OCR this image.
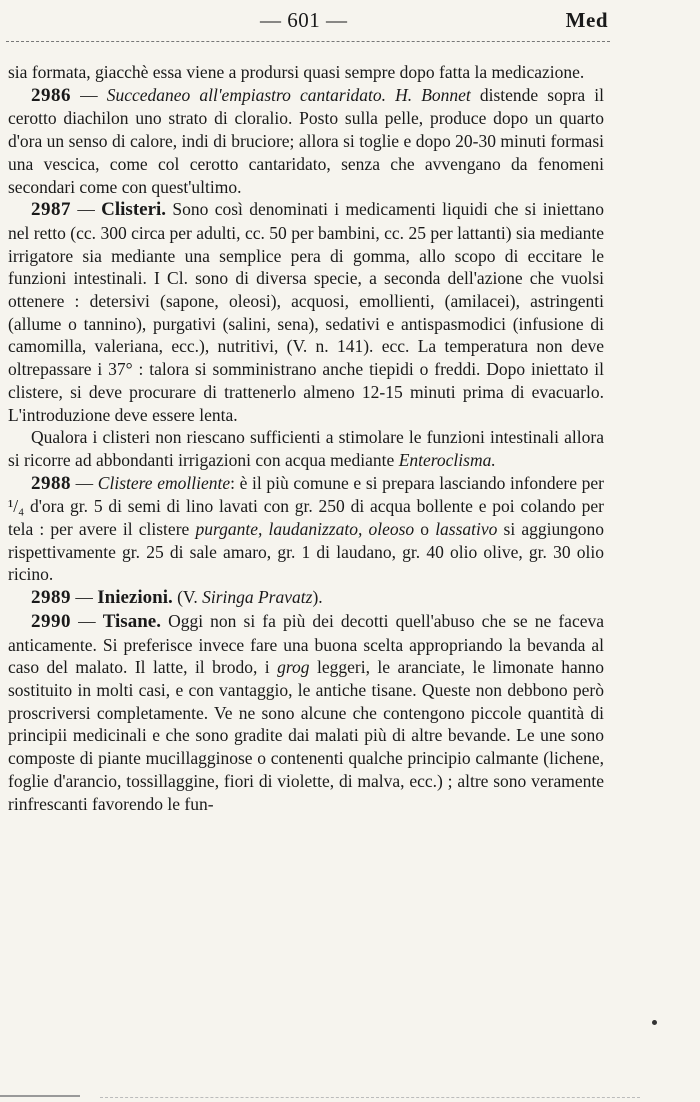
— 601 —	Med

sia formata, giacchè essa viene a prodursi quasi sempre dopo fatta la medicazione.

2986 — Succedaneo all'empiastro cantaridato. H. Bonnet distende sopra il cerotto diachilon uno strato di cloralio. Posto sulla pelle, produce dopo un quarto d'ora un senso di calore, indi di bruciore; allora si toglie e dopo 20-30 minuti formasi una vescica, come col cerotto cantaridato, senza che avvengano da fenomeni secondari come con quest'ultimo.

2987 — Clisteri. Sono così denominati i medicamenti liquidi che si iniettano nel retto (cc. 300 circa per adulti, cc. 50 per bambini, cc. 25 per lattanti) sia mediante irrigatore sia mediante una semplice pera di gomma, allo scopo di eccitare le funzioni intestinali. I Cl. sono di diversa specie, a seconda dell'azione che vuolsi ottenere : detersivi (sapone, oleosi), acquosi, emollienti, (amilacei), astringenti (allume o tannino), purgativi (salini, sena), sedativi e antispasmodici (infusione di camomilla, valeriana, ecc.), nutritivi, (V. n. 141). ecc. La temperatura non deve oltrepassare i 37° : talora si somministrano anche tiepidi o freddi. Dopo iniettato il clistere, si deve procurare di trattenerlo almeno 12-15 minuti prima di evacuarlo. L'introduzione deve essere lenta.

Qualora i clisteri non riescano sufficienti a stimolare le funzioni intestinali allora si ricorre ad abbondanti irrigazioni con acqua mediante Enteroclisma.

2988 — Clistere emolliente: è il più comune e si prepara lasciando infondere per ¹/₄ d'ora gr. 5 di semi di lino lavati con gr. 250 di acqua bollente e poi colando per tela : per avere il clistere purgante, laudanizzato, oleoso o lassativo si aggiungono rispettivamente gr. 25 di sale amaro, gr. 1 di laudano, gr. 40 olio olive, gr. 30 olio ricino.

2989 — Iniezioni. (V. Siringa Pravatz).

2990 — Tisane. Oggi non si fa più dei decotti quell'abuso che se ne faceva anticamente. Si preferisce invece fare una buona scelta appropriando la bevanda al caso del malato. Il latte, il brodo, i grog leggeri, le aranciate, le limonate hanno sostituito in molti casi, e con vantaggio, le antiche tisane. Queste non debbono però proscriversi completamente. Ve ne sono alcune che contengono piccole quantità di principii medicinali e che sono gradite dai malati più di altre bevande. Le une sono composte di piante mucillagginose o contenenti qualche principio calmante (lichene, foglie d'arancio, tossillaggine, fiori di violette, di malva, ecc.) ; altre sono veramente rinfrescanti favorendo le fun-
